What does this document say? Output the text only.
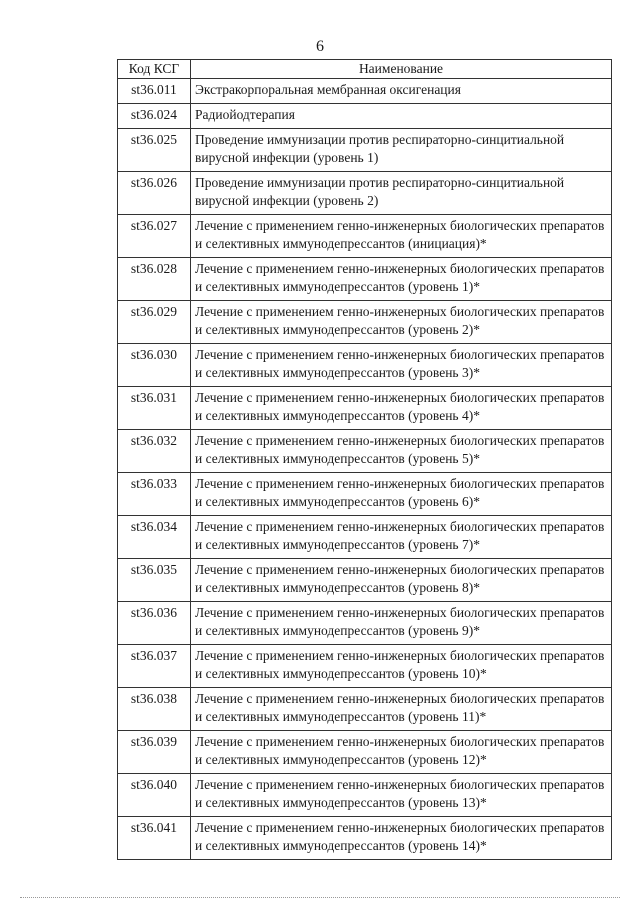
6
Код КСГ	Наименование
st36.011	Экстракорпоральная мембранная оксигенация
st36.024	Радиойодтерапия
st36.025	Проведение иммунизации против респираторно-синцитиальной вирусной инфекции (уровень 1)
st36.026	Проведение иммунизации против респираторно-синцитиальной вирусной инфекции (уровень 2)
st36.027	Лечение с применением генно-инженерных биологических препаратов и селективных иммунодепрессантов (инициация)*
st36.028	Лечение с применением генно-инженерных биологических препаратов и селективных иммунодепрессантов (уровень 1)*
st36.029	Лечение с применением генно-инженерных биологических препаратов и селективных иммунодепрессантов (уровень 2)*
st36.030	Лечение с применением генно-инженерных биологических препаратов и селективных иммунодепрессантов (уровень 3)*
st36.031	Лечение с применением генно-инженерных биологических препаратов и селективных иммунодепрессантов (уровень 4)*
st36.032	Лечение с применением генно-инженерных биологических препаратов и селективных иммунодепрессантов (уровень 5)*
st36.033	Лечение с применением генно-инженерных биологических препаратов и селективных иммунодепрессантов (уровень 6)*
st36.034	Лечение с применением генно-инженерных биологических препаратов и селективных иммунодепрессантов (уровень 7)*
st36.035	Лечение с применением генно-инженерных биологических препаратов и селективных иммунодепрессантов (уровень 8)*
st36.036	Лечение с применением генно-инженерных биологических препаратов и селективных иммунодепрессантов (уровень 9)*
st36.037	Лечение с применением генно-инженерных биологических препаратов и селективных иммунодепрессантов (уровень 10)*
st36.038	Лечение с применением генно-инженерных биологических препаратов и селективных иммунодепрессантов (уровень 11)*
st36.039	Лечение с применением генно-инженерных биологических препаратов и селективных иммунодепрессантов (уровень 12)*
st36.040	Лечение с применением генно-инженерных биологических препаратов и селективных иммунодепрессантов (уровень 13)*
st36.041	Лечение с применением генно-инженерных биологических препаратов и селективных иммунодепрессантов (уровень 14)*
